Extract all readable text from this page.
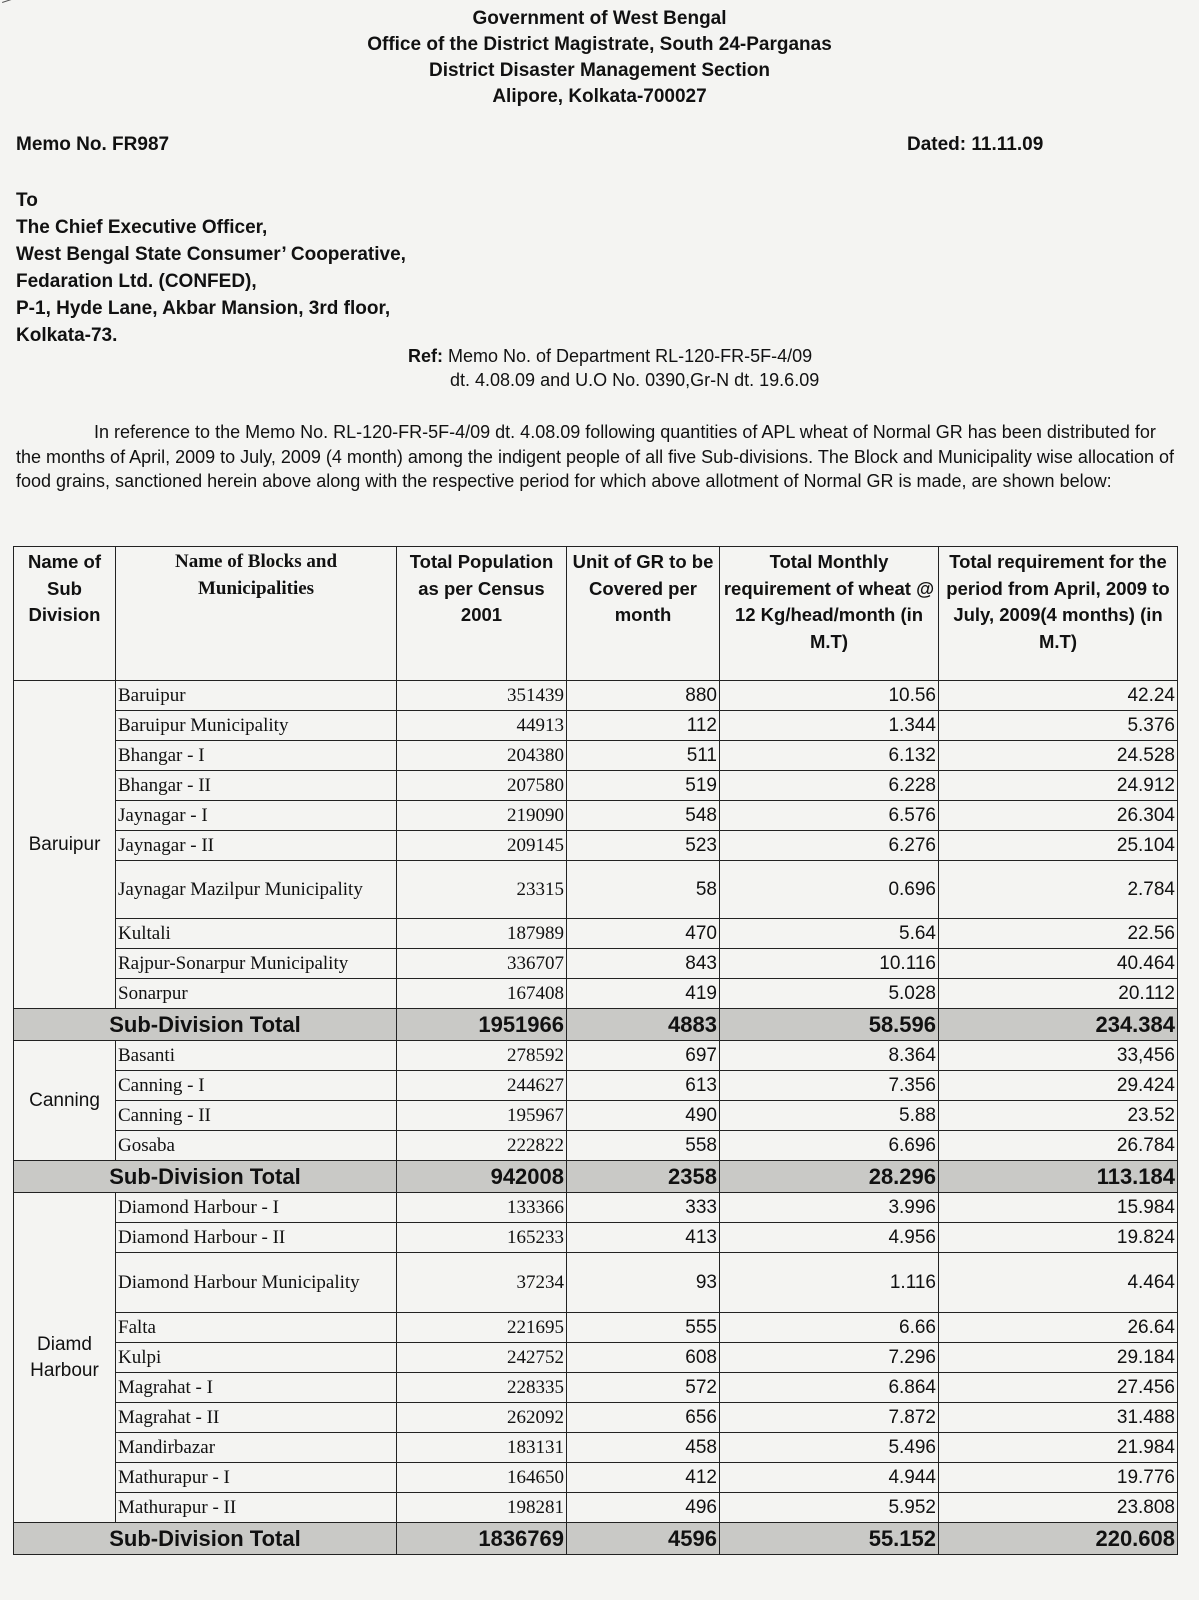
Government of West Bengal
Office of the District Magistrate, South 24-Parganas
District Disaster Management Section
Alipore, Kolkata-700027
Memo No. FR987	Dated: 11.11.09
To
The Chief Executive Officer,
West Bengal State Consumer’ Cooperative,
Fedaration Ltd. (CONFED),
P-1, Hyde Lane, Akbar Mansion, 3rd floor,
Kolkata-73.
Ref: Memo No. of Department RL-120-FR-5F-4/09
dt. 4.08.09 and U.O No. 0390,Gr-N dt. 19.6.09
In reference to the Memo No. RL-120-FR-5F-4/09 dt. 4.08.09 following quantities of APL wheat of Normal GR has been distributed for the months of April, 2009 to July, 2009 (4 month) among the indigent people of all five Sub-divisions. The Block and Municipality wise allocation of food grains, sanctioned herein above along with the respective period for which above allotment of Normal GR is made, are shown below:
Name of Sub Division	Name of Blocks and Municipalities	Total Population as per Census 2001	Unit of GR to be Covered per month	Total Monthly requirement of wheat @ 12 Kg/head/month (in M.T)	Total requirement for the period from April, 2009 to July, 2009(4 months) (in M.T)
Baruipur	Baruipur	351439	880	10.56	42.24
	Baruipur Municipality	44913	112	1.344	5.376
	Bhangar - I	204380	511	6.132	24.528
	Bhangar - II	207580	519	6.228	24.912
	Jaynagar - I	219090	548	6.576	26.304
	Jaynagar - II	209145	523	6.276	25.104
	Jaynagar Mazilpur Municipality	23315	58	0.696	2.784
	Kultali	187989	470	5.64	22.56
	Rajpur-Sonarpur Municipality	336707	843	10.116	40.464
	Sonarpur	167408	419	5.028	20.112
Sub-Division Total		1951966	4883	58.596	234.384
Canning	Basanti	278592	697	8.364	33,456
	Canning - I	244627	613	7.356	29.424
	Canning - II	195967	490	5.88	23.52
	Gosaba	222822	558	6.696	26.784
Sub-Division Total		942008	2358	28.296	113.184
Diamd Harbour	Diamond Harbour - I	133366	333	3.996	15.984
	Diamond Harbour - II	165233	413	4.956	19.824
	Diamond Harbour Municipality	37234	93	1.116	4.464
	Falta	221695	555	6.66	26.64
	Kulpi	242752	608	7.296	29.184
	Magrahat - I	228335	572	6.864	27.456
	Magrahat - II	262092	656	7.872	31.488
	Mandirbazar	183131	458	5.496	21.984
	Mathurapur - I	164650	412	4.944	19.776
	Mathurapur - II	198281	496	5.952	23.808
Sub-Division Total		1836769	4596	55.152	220.608
